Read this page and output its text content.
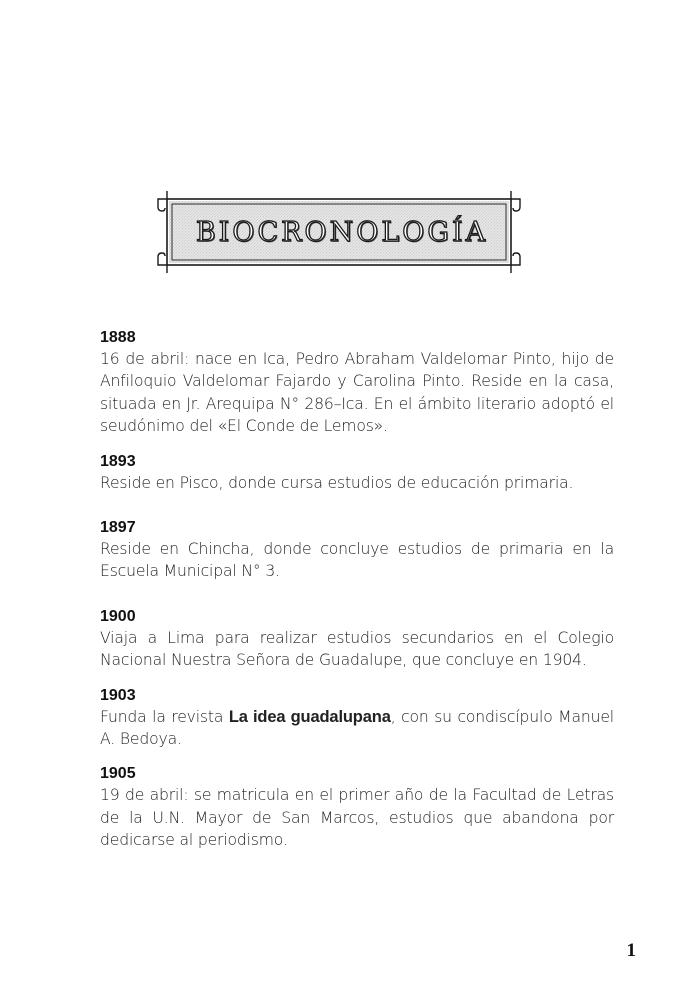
BIOCRONOLOGÍA
1888
16 de abril: nace en Ica, Pedro Abraham Valdelomar Pinto, hijo de Anfiloquio Valdelomar Fajardo y Carolina Pinto. Reside en la casa, situada en Jr. Arequipa N° 286–Ica. En el ámbito literario adoptó el seudónimo del «El Conde de Lemos».
1893
Reside en Pisco, donde cursa estudios de educación primaria.
1897
Reside en Chincha, donde concluye estudios de primaria en la Escuela Municipal N° 3.
1900
Viaja a Lima para realizar estudios secundarios en el Colegio Nacional Nuestra Señora de Guadalupe, que concluye en 1904.
1903
Funda la revista La idea guadalupana, con su condiscípulo Manuel A. Bedoya.
1905
19 de abril: se matricula en el primer año de la Facultad de Letras de la U.N. Mayor de San Marcos, estudios que abandona por dedicarse al periodismo.
1
